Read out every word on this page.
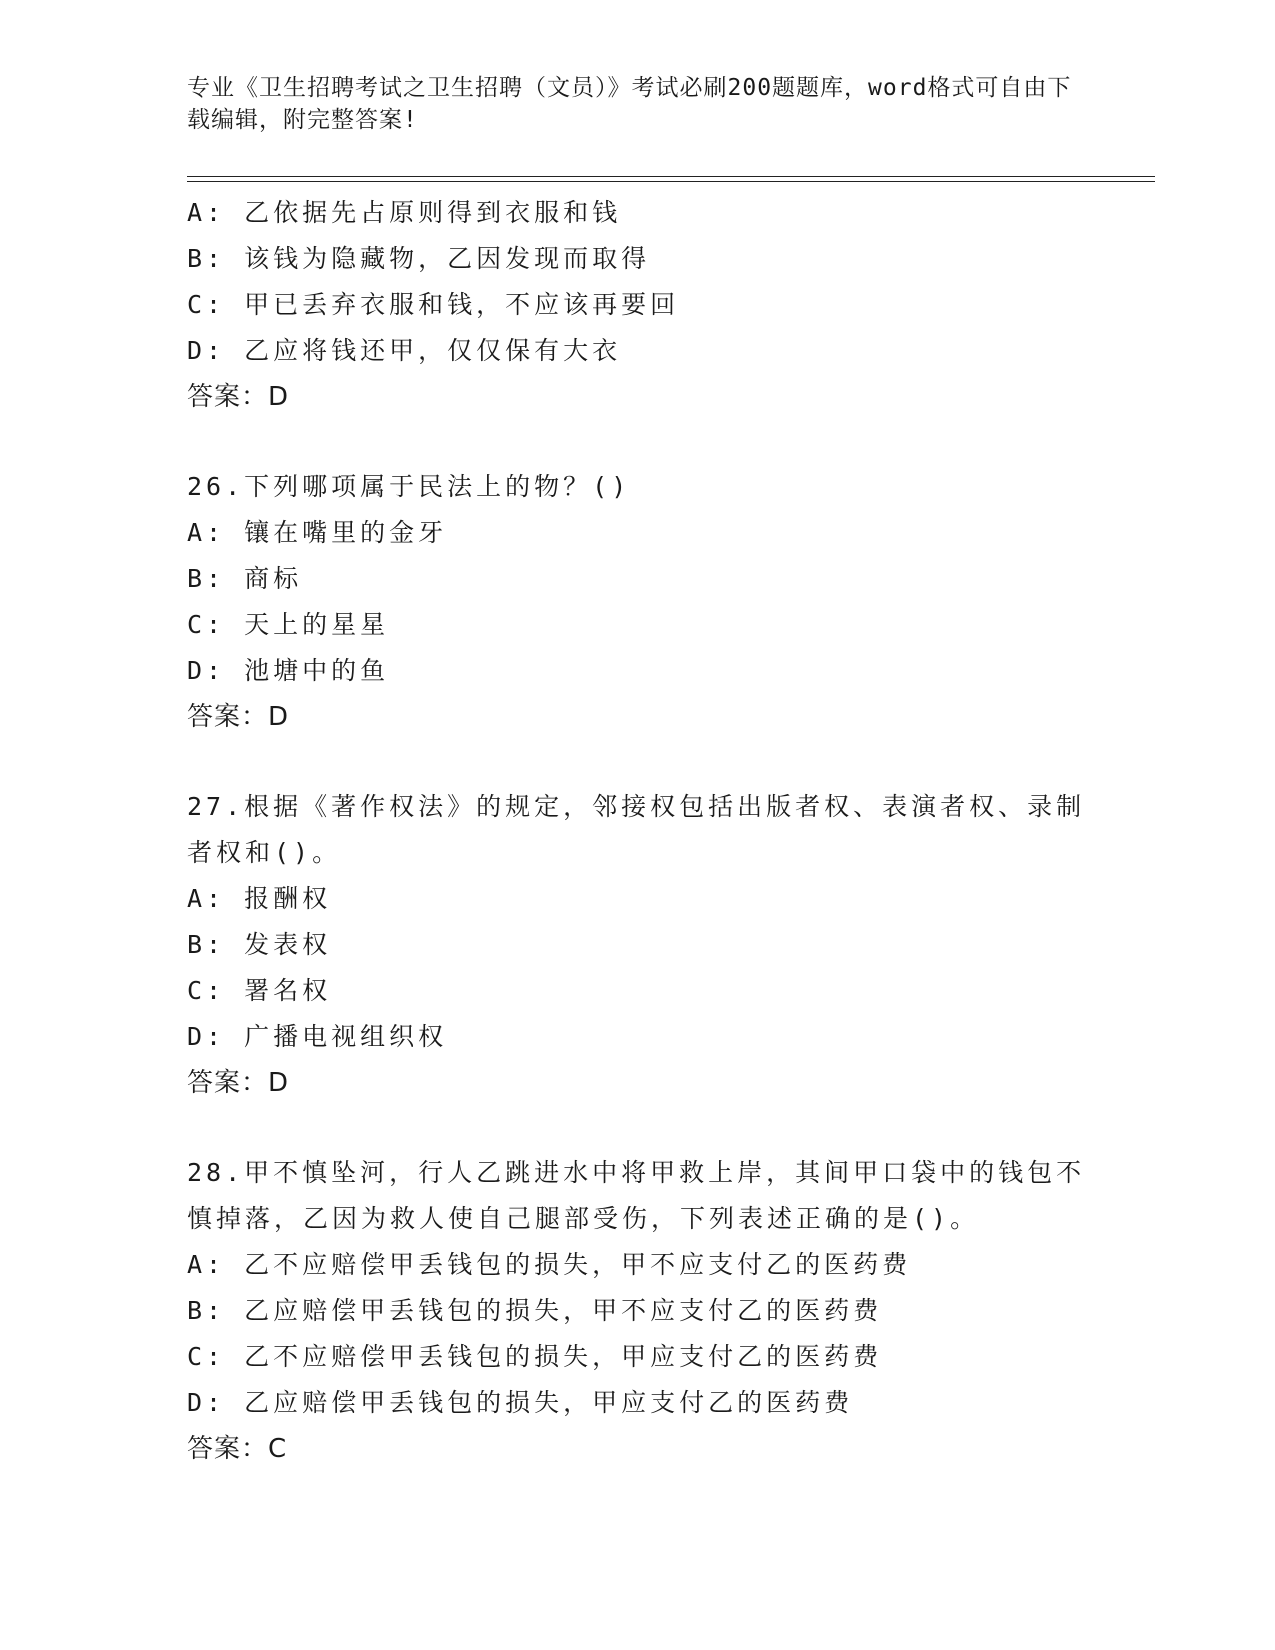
专业《卫生招聘考试之卫生招聘（文员）》考试必刷200题题库，word格式可自由下载编辑，附完整答案!
A: 乙依据先占原则得到衣服和钱
B: 该钱为隐藏物，乙因发现而取得
C: 甲已丢弃衣服和钱，不应该再要回
D: 乙应将钱还甲，仅仅保有大衣
答案：D
26.下列哪项属于民法上的物？()
A: 镶在嘴里的金牙
B: 商标
C: 天上的星星
D: 池塘中的鱼
答案：D
27.根据《著作权法》的规定，邻接权包括出版者权、表演者权、录制者权和()。
A: 报酬权
B: 发表权
C: 署名权
D: 广播电视组织权
答案：D
28.甲不慎坠河，行人乙跳进水中将甲救上岸，其间甲口袋中的钱包不慎掉落，乙因为救人使自己腿部受伤，下列表述正确的是()。
A: 乙不应赔偿甲丢钱包的损失，甲不应支付乙的医药费
B: 乙应赔偿甲丢钱包的损失，甲不应支付乙的医药费
C: 乙不应赔偿甲丢钱包的损失，甲应支付乙的医药费
D: 乙应赔偿甲丢钱包的损失，甲应支付乙的医药费
答案：C
